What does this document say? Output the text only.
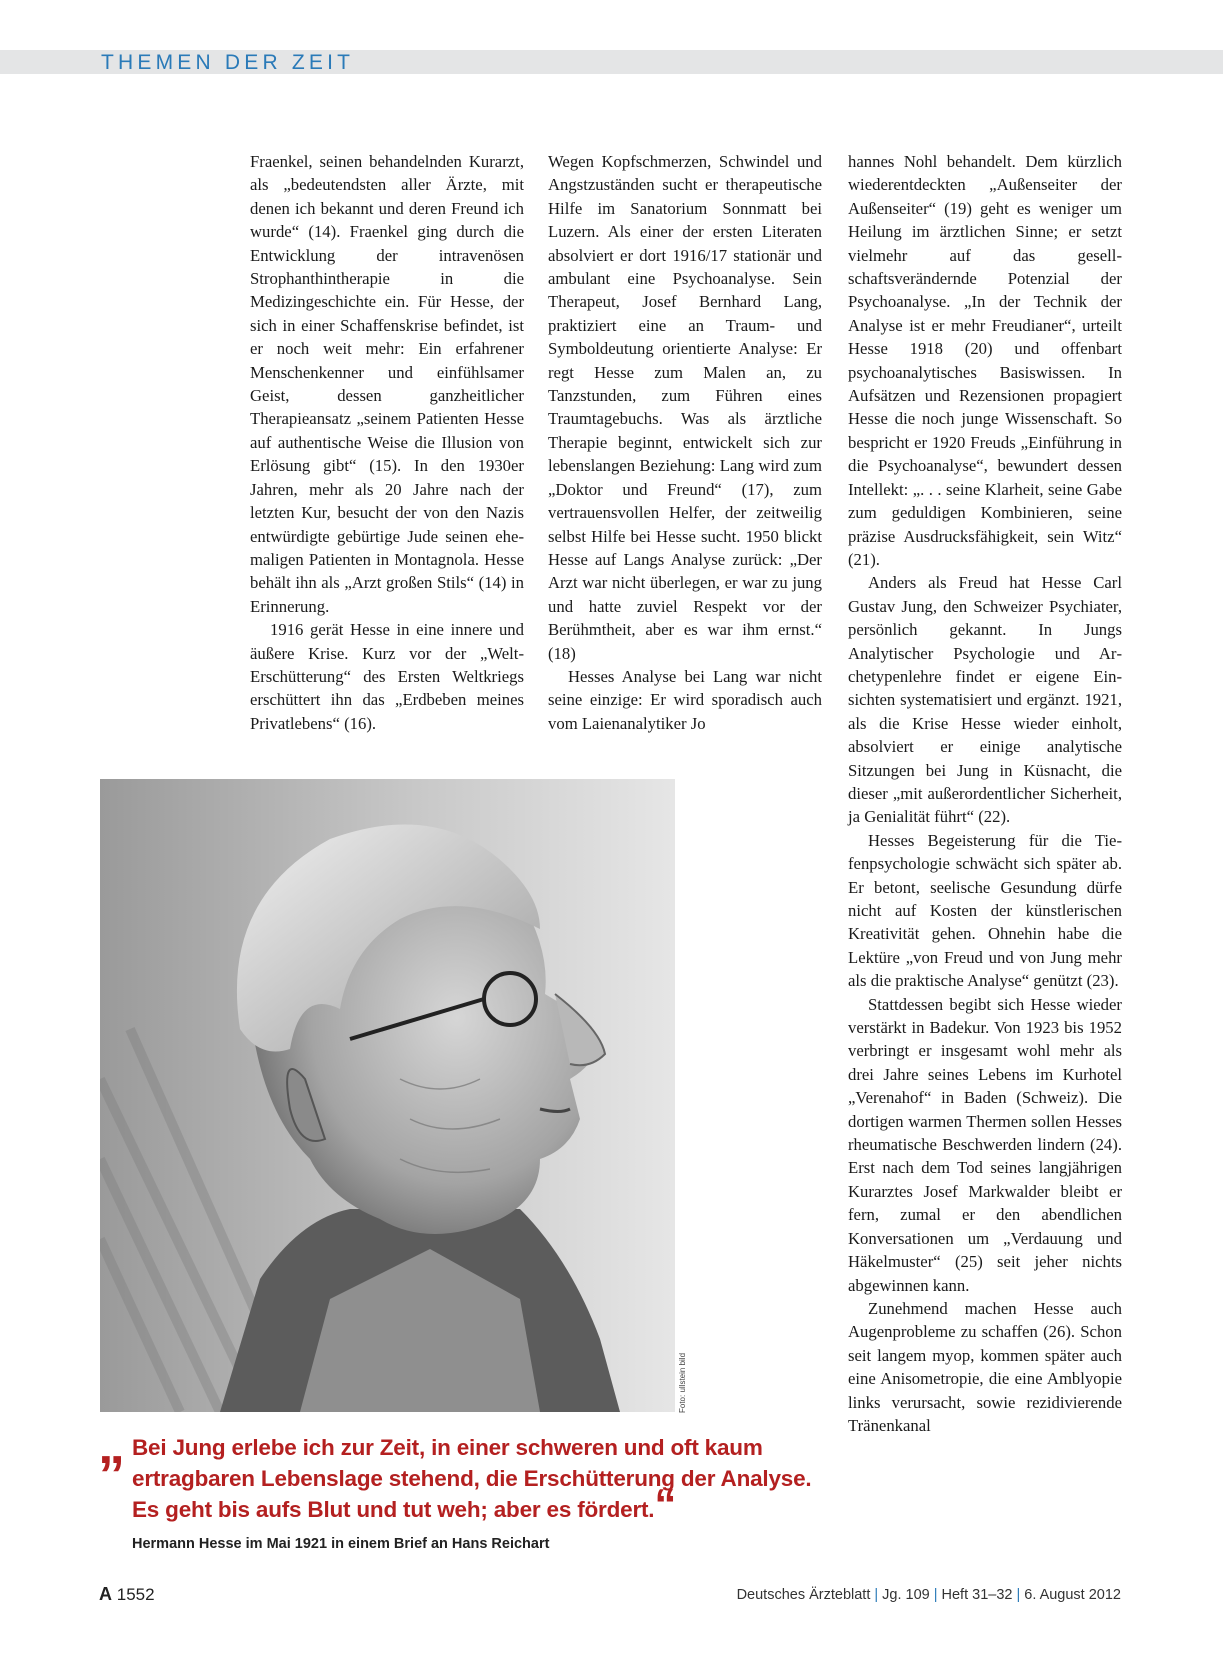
THEMEN DER ZEIT

Fraenkel, seinen behandelnden Kurarzt, als „bedeutendsten aller Ärzte, mit denen ich bekannt und deren Freund ich wurde“ (14). Fraenkel ging durch die Entwicklung der intravenösen Strophanthintherapie in die Medizingeschichte ein. Für Hesse, der sich in einer Schaffenskrise befindet, ist er noch weit mehr: Ein erfahrener Menschenkenner und einfühlsamer Geist, dessen ganzheitlicher Therapieansatz „seinem Patienten Hesse auf authentische Weise die Illusion von Erlösung gibt“ (15). In den 1930er Jahren, mehr als 20 Jahre nach der letzten Kur, besucht der von den Nazis entwürdigte gebürtige Jude seinen ehemaligen Patienten in Montagnola. Hesse behält ihn als „Arzt großen Stils“ (14) in Erinnerung.

1916 gerät Hesse in eine innere und äußere Krise. Kurz vor der „Welt-Erschütterung“ des Ersten Weltkriegs erschüttert ihn das „Erdbeben meines Privatlebens“ (16).

Wegen Kopfschmerzen, Schwindel und Angstzuständen sucht er therapeutische Hilfe im Sanatorium Sonnmatt bei Luzern. Als einer der ersten Literaten absolviert er dort 1916/17 stationär und ambulant eine Psychoanalyse. Sein Therapeut, Josef Bernhard Lang, praktiziert eine an Traum- und Symboldeutung orientierte Analyse: Er regt Hesse zum Malen an, zu Tanzstunden, zum Führen eines Traumtagebuchs. Was als ärztliche Therapie beginnt, entwickelt sich zur lebenslangen Beziehung: Lang wird zum „Doktor und Freund“ (17), zum vertrauensvollen Helfer, der zeitweilig selbst Hilfe bei Hesse sucht. 1950 blickt Hesse auf Langs Analyse zurück: „Der Arzt war nicht überlegen, er war zu jung und hatte zuviel Respekt vor der Berühmtheit, aber es war ihm ernst.“ (18)

Hesses Analyse bei Lang war nicht seine einzige: Er wird sporadisch auch vom Laienanalytiker Jo

hannes Nohl behandelt. Dem kürzlich wiederentdeckten „Außenseiter der Außenseiter“ (19) geht es weniger um Heilung im ärztlichen Sinne; er setzt vielmehr auf das gesellschaftsverändernde Potenzial der Psychoanalyse. „In der Technik der Analyse ist er mehr Freudianer“, urteilt Hesse 1918 (20) und offenbart psychoanalytisches Basiswissen. In Aufsätzen und Rezensionen propagiert Hesse die noch junge Wissenschaft. So bespricht er 1920 Freuds „Einführung in die Psychoanalyse“, bewundert dessen Intellekt: „. . . seine Klarheit, seine Gabe zum geduldigen Kombinieren, seine präzise Ausdrucksfähigkeit, sein Witz“ (21).

Anders als Freud hat Hesse Carl Gustav Jung, den Schweizer Psychiater, persönlich gekannt. In Jungs Analytischer Psychologie und Archetypenlehre findet er eigene Einsichten systematisiert und ergänzt. 1921, als die Krise Hesse wieder einholt, absolviert er einige analytische Sitzungen bei Jung in Küsnacht, die dieser „mit außerordentlicher Sicherheit, ja Genialität führt“ (22).

Hesses Begeisterung für die Tiefenpsychologie schwächt sich später ab. Er betont, seelische Gesundung dürfe nicht auf Kosten der künstlerischen Kreativität gehen. Ohnehin habe die Lektüre „von Freud und von Jung mehr als die praktische Analyse“ genützt (23).

Stattdessen begibt sich Hesse wieder verstärkt in Badekur. Von 1923 bis 1952 verbringt er insgesamt wohl mehr als drei Jahre seines Lebens im Kurhotel „Verenahof“ in Baden (Schweiz). Die dortigen warmen Thermen sollen Hesses rheumatische Beschwerden lindern (24). Erst nach dem Tod seines langjährigen Kurarztes Josef Markwalder bleibt er fern, zumal er den abendlichen Konversationen um „Verdauung und Häkelmuster“ (25) seit jeher nichts abgewinnen kann.

Zunehmend machen Hesse auch Augenprobleme zu schaffen (26). Schon seit langem myop, kommen später auch eine Anisometropie, die eine Amblyopie links verursacht, sowie rezidivierende Tränenkanal

Foto: ullstein bild
„ Bei Jung erlebe ich zur Zeit, in einer schweren und oft kaum ertragbaren Lebenslage stehend, die Erschütterung der Analyse. Es geht bis aufs Blut und tut weh; aber es fördert.“
Hermann Hesse im Mai 1921 in einem Brief an Hans Reichart
A 1552	Deutsches Ärzteblatt | Jg. 109 | Heft 31–32 | 6. August 2012
